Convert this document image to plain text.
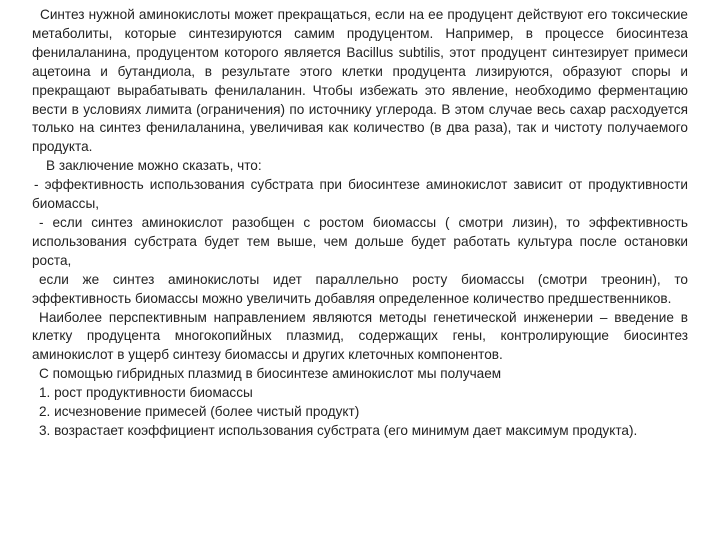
Синтез нужной аминокислоты может прекращаться, если на ее продуцент действуют его токсические метаболиты, которые синтезируются самим продуцентом. Например, в процессе биосинтеза фенилаланина, продуцентом которого является Bacillus subtilis, этот продуцент синтезирует примеси ацетоина и бутандиола, в результате этого клетки продуцента лизируются, образуют споры и прекращают вырабатывать фенилаланин. Чтобы избежать это явление, необходимо ферментацию вести в условиях лимита (ограничения) по источнику углерода. В этом случае весь сахар расходуется только на синтез фенилаланина, увеличивая как количество (в два раза), так и чистоту получаемого продукта.

В заключение можно сказать, что:

- эффективность использования субстрата при биосинтезе аминокислот зависит от продуктивности биомассы,

- если синтез аминокислот разобщен с ростом биомассы ( смотри лизин), то эффективность использования субстрата будет тем выше, чем дольше будет работать культура после остановки роста,

если же синтез аминокислоты идет параллельно росту биомассы (смотри треонин), то эффективность биомассы можно увеличить добавляя определенное количество предшественников.

Наиболее перспективным направлением являются методы генетической инженерии – введение в клетку продуцента многокопийных плазмид, содержащих гены, контролирующие биосинтез аминокислот в ущерб синтезу биомассы и других клеточных компонентов.

С помощью гибридных плазмид в биосинтезе аминокислот мы получаем

1. рост продуктивности биомассы

2. исчезновение примесей (более чистый продукт)

3. возрастает коэффициент использования субстрата (его минимум дает максимум продукта).
